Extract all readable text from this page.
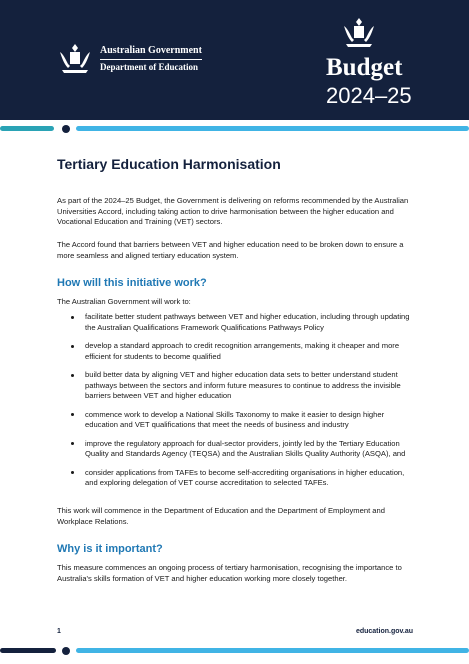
Australian Government
Department of Education	Budget
2024–25
Tertiary Education Harmonisation

As part of the 2024–25 Budget, the Government is delivering on reforms recommended by the Australian Universities Accord, including taking action to drive harmonisation between the higher education and Vocational Education and Training (VET) sectors.

The Accord found that barriers between VET and higher education need to be broken down to ensure a more seamless and aligned tertiary education system.

How will this initiative work?

The Australian Government will work to:

facilitate better student pathways between VET and higher education, including through updating the Australian Qualifications Framework Qualifications Pathways Policy
develop a standard approach to credit recognition arrangements, making it cheaper and more efficient for students to become qualified
build better data by aligning VET and higher education data sets to better understand student pathways between the sectors and inform future measures to continue to address the invisible barriers between VET and higher education
commence work to develop a National Skills Taxonomy to make it easier to design higher education and VET qualifications that meet the needs of business and industry
improve the regulatory approach for dual-sector providers, jointly led by the Tertiary Education Quality and Standards Agency (TEQSA) and the Australian Skills Quality Authority (ASQA), and
consider applications from TAFEs to become self-accrediting organisations in higher education, and exploring delegation of VET course accreditation to selected TAFEs.

This work will commence in the Department of Education and the Department of Employment and Workplace Relations.

Why is it important?

This measure commences an ongoing process of tertiary harmonisation, recognising the importance to Australia's skills formation of VET and higher education working more closely together.

1	education.gov.au
